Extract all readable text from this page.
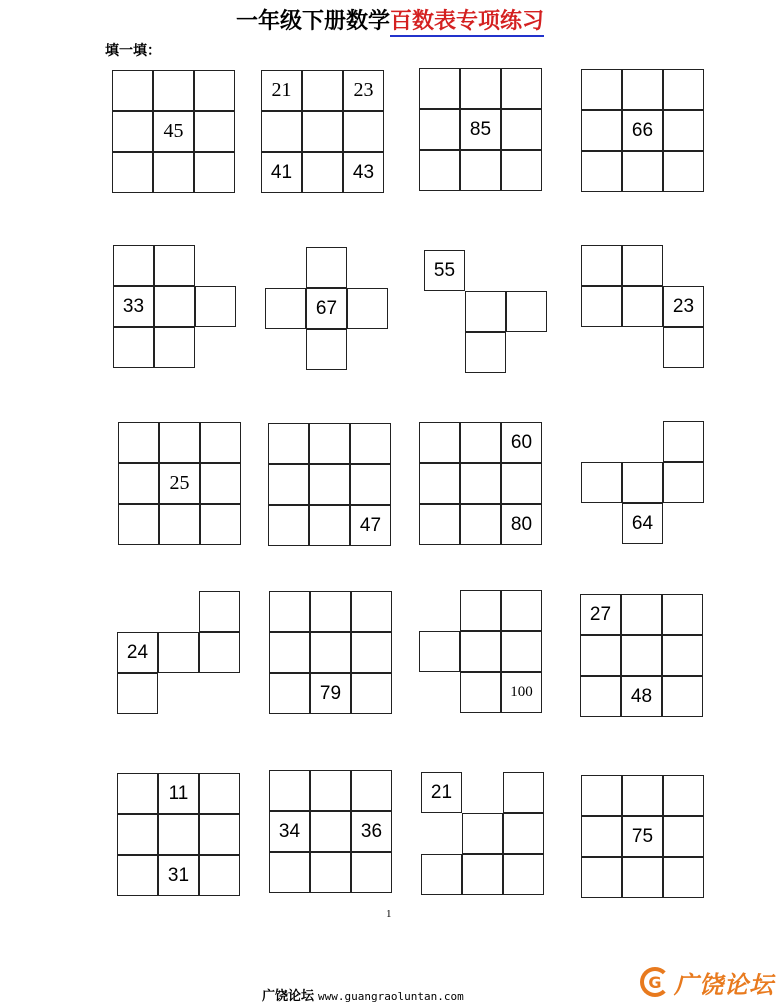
一年级下册数学百数表专项练习
填一填：
45
21	23
41	43
85	66
33	67
55
23
25
47
60
80	64
24
79	100
27
48
11
31
34	36
21
75
1
广饶论坛 www.guangraoluntan.com
G 广饶论坛
